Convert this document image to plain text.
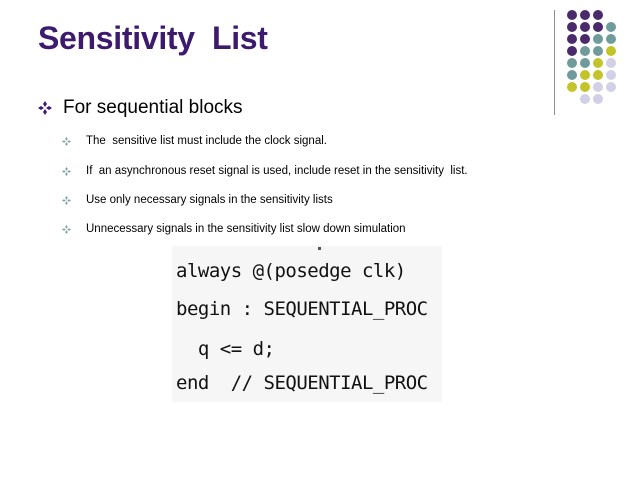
Sensitivity  List
For sequential blocks
The  sensitive list must include the clock signal.
If  an asynchronous reset signal is used, include reset in the sensitivity  list.
Use only necessary signals in the sensitivity lists
Unnecessary signals in the sensitivity list slow down simulation
always @(posedge clk)
begin : SEQUENTIAL_PROC
q <= d;
end  // SEQUENTIAL_PROC
